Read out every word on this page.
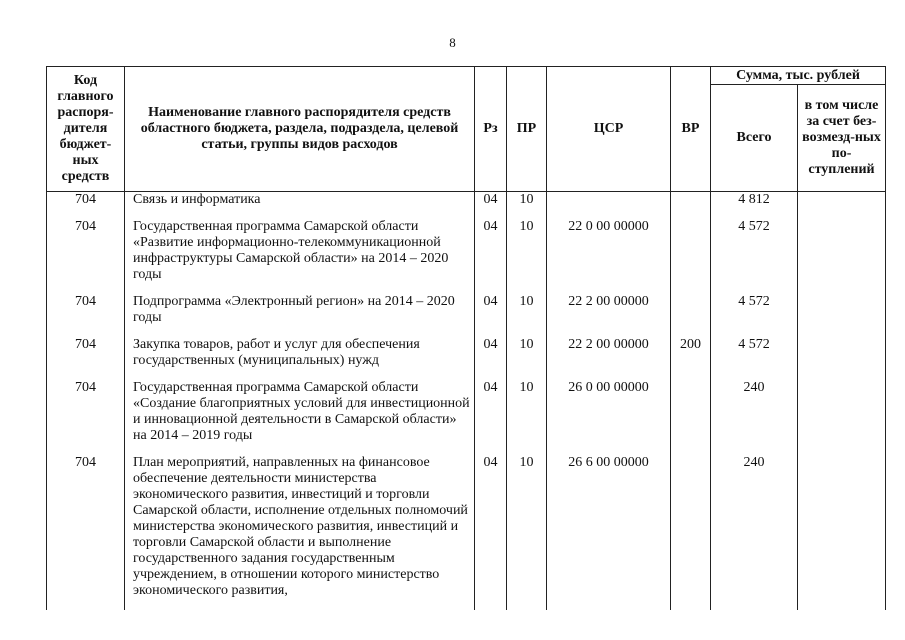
8
Код главного распоря-дителя бюджет-ных средств	Наименование главного распорядителя средств областного бюджета, раздела, подраздела, целевой статьи, группы видов расходов	Рз	ПР	ЦСР	ВР	Сумма, тыс. рублей	
						Всего	в том числе за счет без-возмезд-ных по-ступлений
704	Связь и информатика	04	10			4 812	
704	Государственная программа Самарской области «Развитие информационно-телекоммуникационной инфраструктуры Самарской области» на 2014 – 2020 годы	04	10	22 0 00 00000		4 572	
704	Подпрограмма «Электронный регион» на 2014 – 2020 годы	04	10	22 2 00 00000		4 572	
704	Закупка товаров, работ и услуг для обеспечения государственных (муниципальных) нужд	04	10	22 2 00 00000	200	4 572	
704	Государственная программа Самарской области «Создание благоприятных условий для инвестиционной и инновационной деятельности в Самарской области» на 2014 – 2019 годы	04	10	26 0 00 00000		240	
704	План мероприятий, направленных на финансовое обеспечение деятельности министерства экономического развития, инвестиций и торговли Самарской области, исполнение отдельных полномочий министерства экономического развития, инвестиций и торговли Самарской области и выполнение государственного задания государственным учреждением, в отношении которого министерство экономического развития,	04	10	26 6 00 00000		240	
